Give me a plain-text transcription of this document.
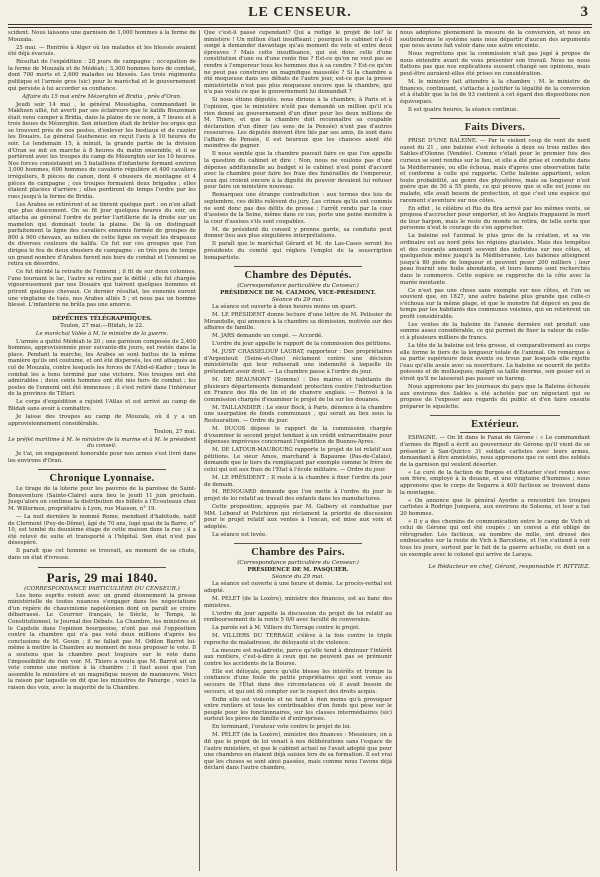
LE CENSEUR.	3

scident. Nous laissons une garnison de 1,000 hommes à la ferme de Mouzaïa.

25 mai. — Rentrée à Alger où les malades et les blessés avaient été déjà évacués.

Résultat de l'expédition : 28 jours de campagne ; occupation de la ferme de Mouzaïa et de Médéah ; 3,300 hommes hors de combat, dont 700 morts et 2,600 malades ou blessés. Les trois régiments politique et l'armée gros (sic) pour le maréchal et le gouvernement qui persiste à lui accorder sa confiance.

Affaire du 15 mai entre Mézerghin et Bridia , près d'Oran.

Jeudi soir 14 mai , le général Moustapha, commandant le Makhzen allié, fut averti par ses éclaireurs que le kalifa Bouzeman était venu camper à Bridia, dans la plaine de ce nom, à 7 lieues et à trois lieues de Mézerghin. Son intention était de brûler les orges qui se trouvent près de nos postes, d'enlever les bestiaux et de razzier les Douairs. Le général Gueheneuc en reçut l'avis à 10 heures du soir. Le lendemain 15, à minuit, la grande partie de la division d'Oran se mit en marche à 8 heures du matin ensemble, et il se portèrent avec les troupes du camp de Mézerghin sur les 10 heures. Nos forces consistaient en 3 bataillons d'infanterie formant environ 3,000 hommes, 600 hommes de cavalerie régulière et 400 cavaliers irréguliers, 8 pièces de canon, dont 4 obusiers de montagne et 4 pièces de campagne ; ces troupes formaient deux brigades ; elles étaient placées d'arrière ; elles perdirent de temps l'ordre par les rues jusqu'à la ferme de Bridia.

Les Arabes se retirèrent et se tinrent quelque part : on n'en allait que plus doucement. On se fit jour quelques heures du soir, on attacha au général l'ordre de porter l'artillerie de la droite sur un mamelon qui dominait toute la plaine. De là on distinguait parfaitement la ligne des cavaliers ennemis formée de groupes de 800 à 900 chevaux, au milieu de cette ligne on voyait les drapeaux de diverses couleurs du kalifa. Ce fut sur ces groupes que l'on dirigea le feu de deux obusiers de campagne : en très peu de temps un grand nombre d'Arabes furent mis hors de combat et l'ennemi se retira en désordre.

Ce fut décidé la retraite de l'ennemi ; il fit de sur deux colonnes, l'une tournant le lac, l'autre se retira par le défilé ; elle fut chargée vigoureusement par nos Douairs qui tuèrent quelques hommes et prirent quelques chevaux. Ce dernier résultat, les ennemis eurent une vingtaine de tués, nos Arabes alliés 5 ; et nous pas un homme blessé. L'infanterie ne brûla pas une amorce.

DÉPÊCHES TÉLÉGRAPHIQUES.

Toulon, 27 mai.—Blidah, le 22.

Le maréchal Valée à M. le ministre de la guerre.

L'armée a quitté Médéah le 20 ; une garnison composée de 2,400 hommes, approvisionnée pour suivante-dix jours, est restée dans la place. Pendant la marche, les Arabes se sont battus de la même manière qu'ils ont coutume, et ont été dispersés, les ont attaqués au col de Mouzaïa, contre lesquels les forces de l'Abd-el-Kader ; tous le combat les a tenu terminé par une victoire. Nos troupes ont été admirables ; deux cents hommes ont été mis hors de combat ; les postes de l'ennemi ont été immenses ; il s'est retiré dans l'intérieur de la province de Titteri.

Le corps d'expédition a rejoint l'Atlas et est arrivé au camp de Blidah sans avoir à combattre.

Je laisse des troupes au camp de Mouzaïa, où il y a un approvisionnement considérable.

Toulon, 27 mai.

Le préfet maritime à M. le ministre de la marine et à M. le président du conseil.

Je t'ai, un engagement honorable pour nos armes s'est livré dans les environs d'Oran.

Chronique Lyonnaise.

Le tirage de la loterie pour les pauvres de la paroisse de Saint-Bonaventure (Sainte-Claire) aura lieu le jeudi 11 juin prochain. Jusqu'alors on continue la distribution des billets à l'Écouteaux chez M. Willermoz, propriétaire à Lyon, rue Masson, n° 19.

— La nuit dernière le nommé Rome, mendiant d'habitude, natif de Clermont (Puy-de-Dôme), âgé de 70 ans, logé quai de la Barre, n° 10, est tombé du deuxième étage de cette maison dans la rue ; il a été relevé de suite et transporté à l'hôpital. Son état n'est pas désespéré.

Il paraît que cet homme se trouvait, au moment de sa chute, dans un état d'ivresse.

Paris, 29 mai 1840.
(CORRESPONDANCE PARTICULIÈRE DU CENSEUR.)

Les bons esprits voient avec un grand étonnement la presse ministérielle de toutes nuances s'engager dans les négociations d'un repère de chauvinisme napoléonien dont on paraît se croire débarrassé. Le Courrier français, le Siècle, le Temps, le Constitutionnel, le Journal des Débats. La Chambre, les ministres et le Capitole dans l'opinion bourgeoise, n'ont pas osé l'opposition contre la chambre qui n'a pas voté deux millions d'après les conclusions de M. Gouin ; il ne fallait pas M. Odilon Barrot lui-même à mettre la Chambre au moment de nous proposer le vote. Il a soutenu que la chambre peut toujours sur le vote dans l'impossibilité de rien voir. M. Thiers a voulu que M. Barrot ait un vote comme une motion à la chambre ; il faut aussi que l'on assemble le ministère et un magnifique moyen de manœuvre. Voici la raison par laquelle on dit que les ministres de Panurge , voici la raison des voix, avec la majorité de la Chambre.

Que c'est-il passé cependant? Qui a rédigé le projet de loi? le ministère ! Un million était insuffisant ; pourquoi le cabinet n'a-t-il songé à demander davantage qu'au moment du vote et entre deux épreuves ? Mais cette insuffisance, qui est donc celle d'une constitution d'une ou d'une rente fixe ? Est-ce qu'on ne veut pas se rendre à l'empereur tous les hommes dus à sa cendre ? Est-ce qu'on ne peut pas construire un magnifique mausolée ? Si la chambre a été moqueuse dans ses débats de l'autre jour, est-ce que la presse ministérielle n'est pas plus moqueuse encore que la chambre, qui n'a pas voulu ce que le gouvernement lui demandait ?

Si nous étions députés, nous dirions à la chambre, à Paris et à l'opinion, que le ministère n'eût pas demandé un million qu'il n'a rien donné au gouvernement d'un dîner pour les deux millions de M. Thiers, et que la chambre doit reconnaître sa coupable déclaration d'un dîner (au sens de la Pensée) n'ont pas d'autres ressources. Les députés doivent être liés par ses amis, ils sont dans l'affaire de Pensée, il est heureux que les chances aient été moindres de gagner.

Il nous semble que la chambre pouvait faire ce que l'on appelle la question du cabinet et dire : Non, nous ne voulons pas d'une dépense additionnelle au budget si le cabinet n'est point d'accord avec la chambre pour faire les frais des funérailles de l'empereur, ceux qui croient encore à la dignité du pouvoir devaient lui refuser pour faire un ministère nouveau.

Remarquez une étrange contradiction : aux termes des lois de septembre, ces délits relèvent du jury. Les crimes qu'ils ont commis ne sont donc pas des délits de presse ; l'arrêt rendu par la cour d'assises de la Seine, même dans ce cas, porte une peine moindre à la cour d'assises s'ils sont coupables.

M. de président du conseil y prenne garde, sa conduite peut donner lieu aux plus singulières interprétations.

Il paraît que le maréchal Gérard et M. de Las-Cases seront les présidents du comité qui réglera l'emploi de la souscription bonapartiste.

Chambre des Députés.
(Correspondance particulière du Censeur.)
PRÉSIDENCE DE M. CALMON, VICE-PRÉSIDENT.
Séance du 29 mai.

La séance est ouverte à deux heures moins un quart.

M. LE PRÉSIDENT donne lecture d'une lettre de M. Pelissier de Mirandolle, qui annonce à la chambre sa démission, motivée sur des affaires de famille.

M. JARS demande un congé. — Accordé.

L'ordre du jour appelle le rapport de la commission des pétitions.

M. JUST CHASSELOUP LAUBAT, rapporteur : Des propriétaires d'Argenteuil (Seine-et-Oise) réclament contre une décision ministérielle qui leur refuserait une indemnité à laquelle ils prétendent avoir droit. — La chambre passe à l'ordre du jour.

M. DE BEAUMONT (Somme) : Des maires et habitants de plusieurs départements demandent protection contre l'introduction en France des fils de lin et de chanvre anglais. — Renvoi à la commission chargée d'examiner le projet de loi sur les douanes.

M. TAILLANDIER : Le sieur Bock, à Paris, dénonce à la chambre une usurpation de fonds communaux , qui serait au lieu sous la Restauration. — Ordre du jour.

M. DUCOS dépose le rapport de la commission chargée d'examiner le second projet tendant à un crédit extraordinaire pour dépenses imprévues concernant l'expédition de Buenos-Ayres.

M. DE LATOUR-MAUBOURG rapporte le projet de loi relatif aux pétitions. Le sieur Amos, marchand à Bapaume (Pas-de-Calais), demande que le tiers du remplaçant par exemple comme le frère de celui qui est aux frais de l'État à l'école militaire. — Ordre du jour.

M. LE PRÉSIDENT : Il reste à la chambre à fixer l'ordre du jour de demain.

M. RENOUARD demande que l'on mette à l'ordre du jour le projet de loi relatif au travail des enfants dans les manufactures.

Cette proposition, appuyée par M. Galbery et combattue par MM. Lebœuf et Pulchiron qui réclament la priorité de discussion pour le projet relatif aux ventes à l'encan, est mise aux voix et adoptée.

La séance est levée.

Chambre des Pairs.
(Correspondance particulière du Censeur.)
PRÉSIDENCE DE M. PASQUIER.
Séance du 29 mai.

La séance est ouverte à une heure et demie. Le procès-verbal est adopté.

M. PELET (de la Lozère), ministre des finances, est au banc des ministres.

L'ordre du jour appelle la discussion du projet de loi relatif au remboursement de la rente 5 0/0 avec faculté de conversion.

La parole est à M. Villiers du Terrage contre le projet.

M. VILLIERS DU TERRAGE s'élève à la fois contre le triple reproche de maladresse, de déloyauté et de violence.

La mesure est maladroite, parce qu'elle tend à diminuer l'intérêt aux rentiers, c'est-à-dire à ceux qui ne peuvent pas se prémunir contre les accidents de la Bourse.

Elle est déloyale, parce qu'elle blesse les intérêts et trompe la confiance d'une foule de petits propriétaires qui sont venus au secours de l'État dans des circonstances où il avait besoin de secours, et qui ont dû compter sur le respect des droits acquis.

Enfin elle est violente et ne tend à rien moins qu'à provoquer entre rentiers et tous les contribuables d'un fonds qui pèse sur le peuple pour les fonctionnaires, sur les classes intermédiaires (sic) surtout les pères de famille et d'entreprises.

En terminant, l'orateur vote contre le projet de loi.

M. PELET (de la Lozère), ministre des finances : Messieurs, on a dit que le projet de loi venait à nos délibérations sans l'espace de l'autre ministère, et que le cabinet actuel ne l'avait adopté que pour une chambres en étaient déjà saisies lors de sa formation. Il est vrai que les choses se sont ainsi passées, mais comme nous l'avons déjà déclaré dans l'autre chambre,

nous adoptons pleinement la mesure de la conversion, et nous en soutiendrons le système sans nous départir d'aucun des arguments que nous avons fait valoir dans une autre enceinte.

Nous regrettons que la commission n'ait pas jugé à propos de nous entendre avant de vous présenter son travail. Nous ne nous flattons pas que nos explications eussent changé ses opinions, mais peut-être auraient-elles été prises en considération.

M. le ministre fait attendre à la chambre : M. le ministre de finances, continuant, s'attache à justifier la légalité de la conversion et à établir que la loi de 93 contient à cet égard des dispositions non équivoques.

Il est quatre heures, la séance continue.

Faits Divers.

PRISE D'UNE BALEINE. — Par le violent coup de vent de nord ouest du 21 , une baleine s'est échouée à deux ou trois milles des Sables-d'Olonne (Vendée). Comme c'était pour le premier fois des curieux se sont rendus sur le lieu, et elle a été prise et conduite dans la Méditerranée, ou elle échoua, mais d'après une observation faite et conforme à celle qui rapporte. Cette baleine appartient, selon toute probabilité, au genre des physétères, mais sa longueur n'est guère que de 50 à 55 pieds, ce qui prouve que si elle est jeune ou malade, elle avait besoin de protection, et que c'est une espèce qui rarement s'aventure sur nos côtes.

En effet , le célèbre et Rio du Bra arrivé par les mêmes vents, se proposa d'accrocher pour emporter, et les Anglais frappaient le mort de leur harpon, mais le reste du monde se retira, de telle sorte que personne n'eut le courage de s'en approcher.

La baleine est l'animal le plus gros de la création, et sa vie ordinaire est au nord près les régions glaciales. Mais des tempêtes et des courants amènent souvent des individus sur nos côtes, et quelquefois même jusqu'à la Méditerranée. Les baleines atteignent jusqu'à 80 pieds de longueur et peuvent peser 200 milliers ; leur peau fournit une huile abondante, et leurs fanons sont recherchés dans le commerce. Cette espèce se rapproche de la côte avec la marée montante.

Ce n'est pas une chose sans exemple sur nos côtes, et l'on se souvient que, en 1827, une autre baleine plus grande que celle-ci s'échoua sur la même plage, et que le monstre fut dépecé en peu de temps par les habitants des communes voisines, qui en retirèrent un profit considérable.

Les ventes de la baleine de l'année dernière ont produit une somme assez considérable, ce qui permet de fixer la valeur de celle-ci à plusieurs milliers de francs.

La tête de la baleine est très grosse, et comparativement au corps elle forme le tiers de la longueur totale de l'animal. On remarque à sa partie supérieure deux évents ou trous par lesquels elle rejette l'eau qu'elle avale avec sa nourriture. La baleine se nourrit de petits poissons et de mollusques; malgré sa taille énorme, son gosier est si étroit qu'il ne laisserait pas passer un hareng.

Nous apprenons par les journaux du pays que la Baleine échouée aux environs des Sables a été achetée par un négociant qui se propose de l'exposer aux regards du public et d'en faire ensuite préparer le squelette.

Extérieur.

ESPAGNE. — On lit dans le Fanal de Gérone : « Le commandant d'armes de Ripoll a écrit au gouverneur de Gérone qu'il vient de se présenter à San-Quirico 31 soldats carlistes avec leurs armes, demandant à être amnistiés, nous apprenons que ce sont des soldats de la garnison qui veulent déserter.

« Le curé de la faction de Burgos et d'Estarter s'est rendu avec son frère, employé à la douane, et une vingtaine d'hommes ; nous apprenons que le corps de Segarra à 400 factieux se trouvent dans la montagne.

« On annonce que le général Ayerbe a rencontré les troupes carlistes à Rodrigo Junquera, aux environs de Solsona, et leur a tué 20 hommes.

« Il y a des chemins de communication entre le camp de Vich et celui de Gérone qui ont été coupés ; un convoi a été obligé de rétrograder. Les factieux, au nombre de mille, ont dressé des embuscades sur la route de Vich à Barcelone, et l'on s'attend à voir tous les jours, surtout par le fait de la guerre actuelle, ce dont on a un exemple avec le colonel qui arrive de Laraya.

Le Rédacteur en chef, Gérant, responsable F. RITTIEZ.
